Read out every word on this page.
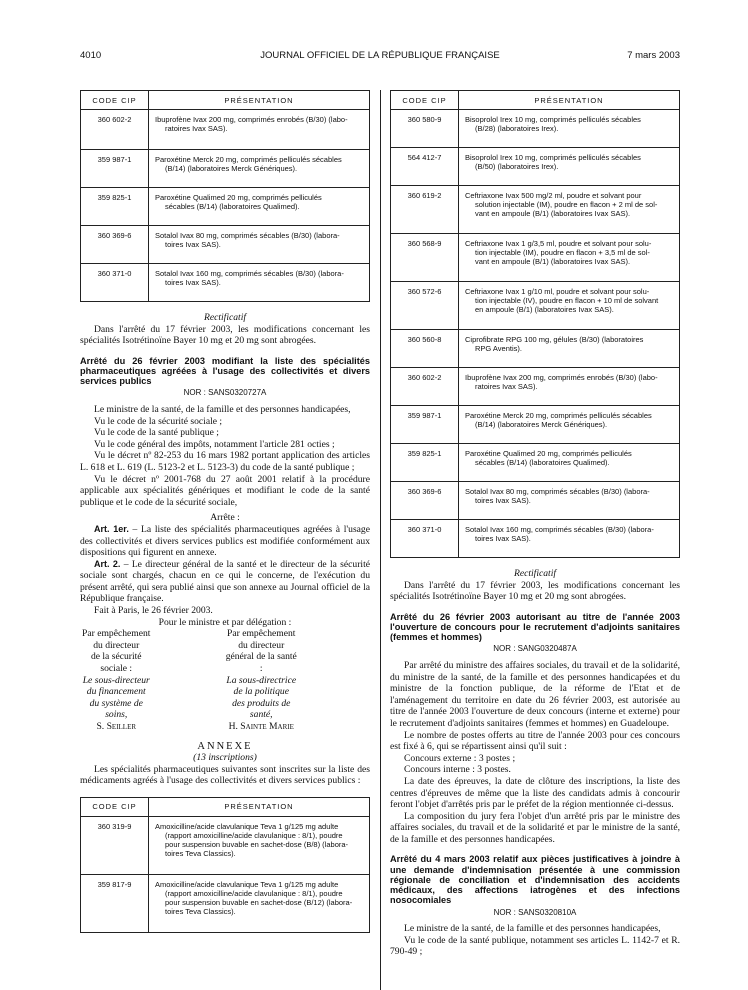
4010	JOURNAL OFFICIEL DE LA RÉPUBLIQUE FRANÇAISE	7 mars 2003
CODE CIP	PRÉSENTATION
360 602-2	Ibuprofène Ivax 200 mg, comprimés enrobés (B/30) (labo-
ratoires Ivax SAS).

359 987-1	Paroxétine Merck 20 mg, comprimés pelliculés sécables
(B/14) (laboratoires Merck Génériques).

359 825-1	Paroxétine Qualimed 20 mg, comprimés pelliculés
sécables (B/14) (laboratoires Qualimed).

360 369-6	Sotalol Ivax 80 mg, comprimés sécables (B/30) (labora-
toires Ivax SAS).

360 371-0	Sotalol Ivax 160 mg, comprimés sécables (B/30) (labora-
toires Ivax SAS).
Rectificatif

Dans l'arrêté du 17 février 2003, les modifications concernant les spécialités Isotrétinoïne Bayer 10 mg et 20 mg sont abrogées.

Arrêté du 26 février 2003 modifiant la liste des spécialités pharmaceutiques agréées à l'usage des collectivités et divers services publics
NOR : SANS0320727A

Le ministre de la santé, de la famille et des personnes handicapées,

Vu le code de la sécurité sociale ;

Vu le code de la santé publique ;

Vu le code général des impôts, notamment l'article 281 octies ;

Vu le décret nº 82-253 du 16 mars 1982 portant application des articles L. 618 et L. 619 (L. 5123-2 et L. 5123-3) du code de la santé publique ;

Vu le décret nº 2001-768 du 27 août 2001 relatif à la procédure applicable aux spécialités génériques et modifiant le code de la santé publique et le code de la sécurité sociale,

Arrête :

Art. 1er. – La liste des spécialités pharmaceutiques agréées à l'usage des collectivités et divers services publics est modifiée conformément aux dispositions qui figurent en annexe.

Art. 2. – Le directeur général de la santé et le directeur de la sécurité sociale sont chargés, chacun en ce qui le concerne, de l'exécution du présent arrêté, qui sera publié ainsi que son annexe au Journal officiel de la République française.

Fait à Paris, le 26 février 2003.

Pour le ministre et par délégation :

Par empêchement du directeur
de la sécurité sociale :
Le sous-directeur
du financement
du système de soins,
S. Seiller
Par empêchement
du directeur général de la santé :
La sous-directrice
de la politique
des produits de santé,
H. Sainte Marie
ANNEXE
(13 inscriptions)

Les spécialités pharmaceutiques suivantes sont inscrites sur la liste des médicaments agréés à l'usage des collectivités et divers services publics :

CODE CIP	PRÉSENTATION
360 319-9	Amoxicilline/acide clavulanique Teva 1 g/125 mg adulte
(rapport amoxicilline/acide clavulanique : 8/1), poudre
pour suspension buvable en sachet-dose (B/8) (labora-
toires Teva Classics).

359 817-9	Amoxicilline/acide clavulanique Teva 1 g/125 mg adulte
(rapport amoxicilline/acide clavulanique : 8/1), poudre
pour suspension buvable en sachet-dose (B/12) (labora-
toires Teva Classics).
CODE CIP	PRÉSENTATION
360 580-9	Bisoprolol Irex 10 mg, comprimés pelliculés sécables
(B/28) (laboratoires Irex).

564 412-7	Bisoprolol Irex 10 mg, comprimés pelliculés sécables
(B/50) (laboratoires Irex).

360 619-2	Ceftriaxone Ivax 500 mg/2 ml, poudre et solvant pour
solution injectable (IM), poudre en flacon + 2 ml de sol-
vant en ampoule (B/1) (laboratoires Ivax SAS).

360 568-9	Ceftriaxone Ivax 1 g/3,5 ml, poudre et solvant pour solu-
tion injectable (IM), poudre en flacon + 3,5 ml de sol-
vant en ampoule (B/1) (laboratoires Ivax SAS).

360 572-6	Ceftriaxone Ivax 1 g/10 ml, poudre et solvant pour solu-
tion injectable (IV), poudre en flacon + 10 ml de solvant
en ampoule (B/1) (laboratoires Ivax SAS).

360 560-8	Ciprofibrate RPG 100 mg, gélules (B/30) (laboratoires
RPG Aventis).

360 602-2	Ibuprofène Ivax 200 mg, comprimés enrobés (B/30) (labo-
ratoires Ivax SAS).

359 987-1	Paroxétine Merck 20 mg, comprimés pelliculés sécables
(B/14) (laboratoires Merck Génériques).

359 825-1	Paroxétine Qualimed 20 mg, comprimés pelliculés
sécables (B/14) (laboratoires Qualimed).

360 369-6	Sotalol Ivax 80 mg, comprimés sécables (B/30) (labora-
toires Ivax SAS).

360 371-0	Sotalol Ivax 160 mg, comprimés sécables (B/30) (labora-
toires Ivax SAS).
Rectificatif

Dans l'arrêté du 17 février 2003, les modifications concernant les spécialités Isotrétinoïne Bayer 10 mg et 20 mg sont abrogées.

Arrêté du 26 février 2003 autorisant au titre de l'année 2003 l'ouverture de concours pour le recrutement d'adjoints sanitaires (femmes et hommes)
NOR : SANG0320487A

Par arrêté du ministre des affaires sociales, du travail et de la solidarité, du ministre de la santé, de la famille et des personnes handicapées et du ministre de la fonction publique, de la réforme de l'Etat et de l'aménagement du territoire en date du 26 février 2003, est autorisée au titre de l'année 2003 l'ouverture de deux concours (interne et externe) pour le recrutement d'adjoints sanitaires (femmes et hommes) en Guadeloupe.

Le nombre de postes offerts au titre de l'année 2003 pour ces concours est fixé à 6, qui se répartissent ainsi qu'il suit :

Concours externe : 3 postes ;

Concours interne : 3 postes.

La date des épreuves, la date de clôture des inscriptions, la liste des centres d'épreuves de même que la liste des candidats admis à concourir feront l'objet d'arrêtés pris par le préfet de la région mentionnée ci-dessus.

La composition du jury fera l'objet d'un arrêté pris par le ministre des affaires sociales, du travail et de la solidarité et par le ministre de la santé, de la famille et des personnes handicapées.

Arrêté du 4 mars 2003 relatif aux pièces justificatives à joindre à une demande d'indemnisation présentée à une commission régionale de conciliation et d'indemnisation des accidents médicaux, des affections iatrogènes et des infections nosocomiales
NOR : SANS0320810A

Le ministre de la santé, de la famille et des personnes handicapées,

Vu le code de la santé publique, notamment ses articles L. 1142-7 et R. 790-49 ;
